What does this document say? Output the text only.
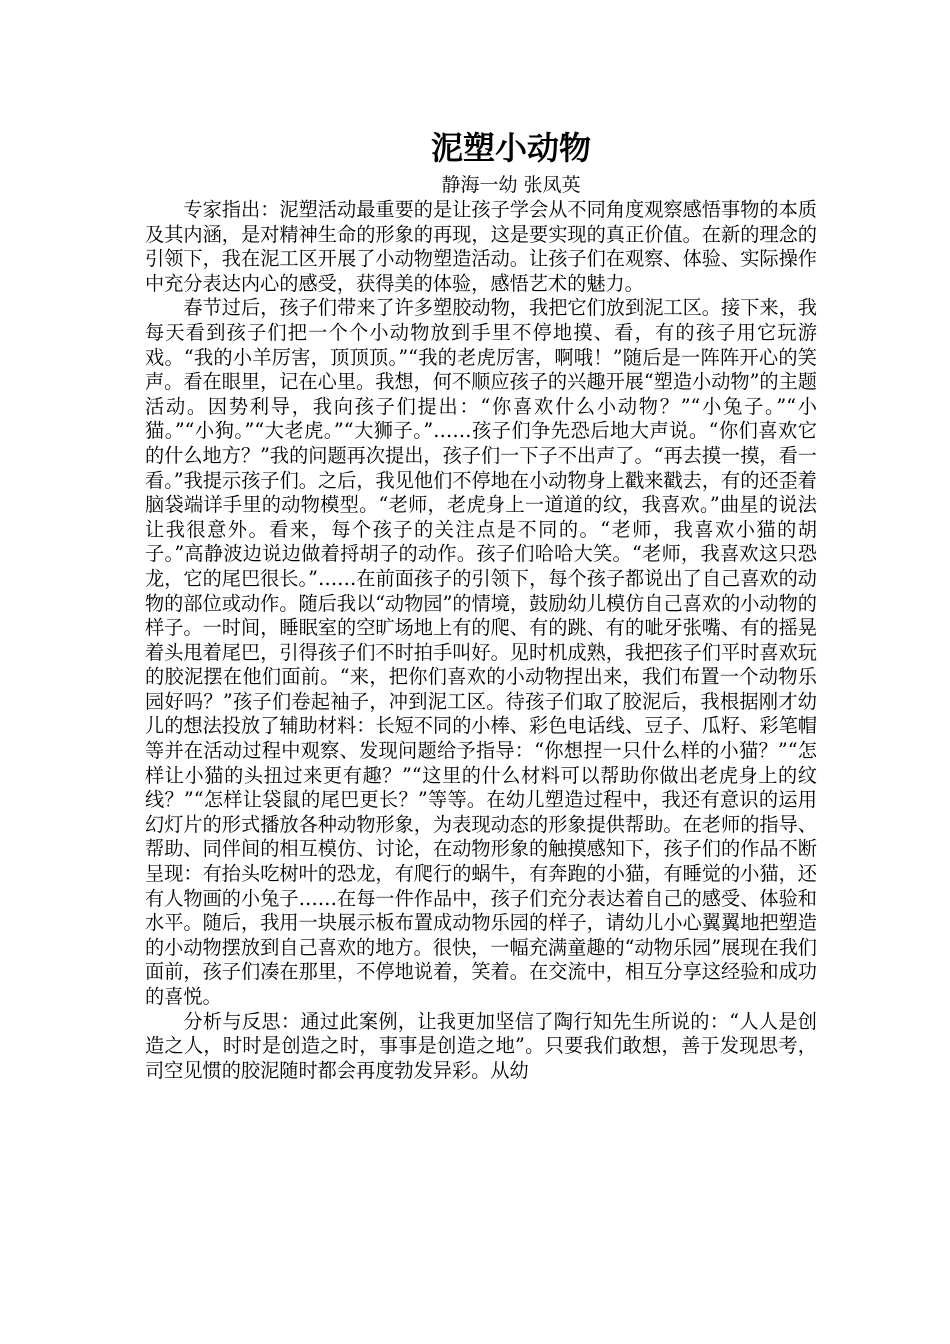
泥塑小动物
静海一幼 张凤英

专家指出：泥塑活动最重要的是让孩子学会从不同角度观察感悟事物的本质及其内涵，是对精神生命的形象的再现，这是要实现的真正价值。在新的理念的引领下，我在泥工区开展了小动物塑造活动。让孩子们在观察、体验、实际操作中充分表达内心的感受，获得美的体验，感悟艺术的魅力。

春节过后，孩子们带来了许多塑胶动物，我把它们放到泥工区。接下来，我每天看到孩子们把一个个小动物放到手里不停地摸、看，有的孩子用它玩游戏。“我的小羊厉害，顶顶顶。”“我的老虎厉害，啊哦！”随后是一阵阵开心的笑声。看在眼里，记在心里。我想，何不顺应孩子的兴趣开展“塑造小动物”的主题活动。因势利导，我向孩子们提出：“你喜欢什么小动物？”“小兔子。”“小猫。”“小狗。”“大老虎。”“大狮子。”……孩子们争先恐后地大声说。“你们喜欢它的什么地方？”我的问题再次提出，孩子们一下子不出声了。“再去摸一摸，看一看。”我提示孩子们。之后，我见他们不停地在小动物身上戳来戳去，有的还歪着脑袋端详手里的动物模型。“老师，老虎身上一道道的纹，我喜欢。”曲星的说法让我很意外。看来，每个孩子的关注点是不同的。“老师，我喜欢小猫的胡子。”高静波边说边做着捋胡子的动作。孩子们哈哈大笑。“老师，我喜欢这只恐龙，它的尾巴很长。”……在前面孩子的引领下，每个孩子都说出了自己喜欢的动物的部位或动作。随后我以“动物园”的情境，鼓励幼儿模仿自己喜欢的小动物的样子。一时间，睡眠室的空旷场地上有的爬、有的跳、有的呲牙张嘴、有的摇晃着头甩着尾巴，引得孩子们不时拍手叫好。见时机成熟，我把孩子们平时喜欢玩的胶泥摆在他们面前。“来，把你们喜欢的小动物捏出来，我们布置一个动物乐园好吗？”孩子们卷起袖子，冲到泥工区。待孩子们取了胶泥后，我根据刚才幼儿的想法投放了辅助材料：长短不同的小棒、彩色电话线、豆子、瓜籽、彩笔帽等并在活动过程中观察、发现问题给予指导：“你想捏一只什么样的小猫？”“怎样让小猫的头扭过来更有趣？”“这里的什么材料可以帮助你做出老虎身上的纹线？”“怎样让袋鼠的尾巴更长？”等等。在幼儿塑造过程中，我还有意识的运用幻灯片的形式播放各种动物形象，为表现动态的形象提供帮助。在老师的指导、帮助、同伴间的相互模仿、讨论，在动物形象的触摸感知下，孩子们的作品不断呈现：有抬头吃树叶的恐龙，有爬行的蜗牛，有奔跑的小猫，有睡觉的小猫，还有人物画的小兔子……在每一件作品中，孩子们充分表达着自己的感受、体验和水平。随后，我用一块展示板布置成动物乐园的样子，请幼儿小心翼翼地把塑造的小动物摆放到自己喜欢的地方。很快，一幅充满童趣的“动物乐园”展现在我们面前，孩子们凑在那里，不停地说着，笑着。在交流中，相互分享这经验和成功的喜悦。

分析与反思：通过此案例，让我更加坚信了陶行知先生所说的：“人人是创造之人，时时是创造之时，事事是创造之地”。只要我们敢想，善于发现思考，司空见惯的胶泥随时都会再度勃发异彩。从幼
